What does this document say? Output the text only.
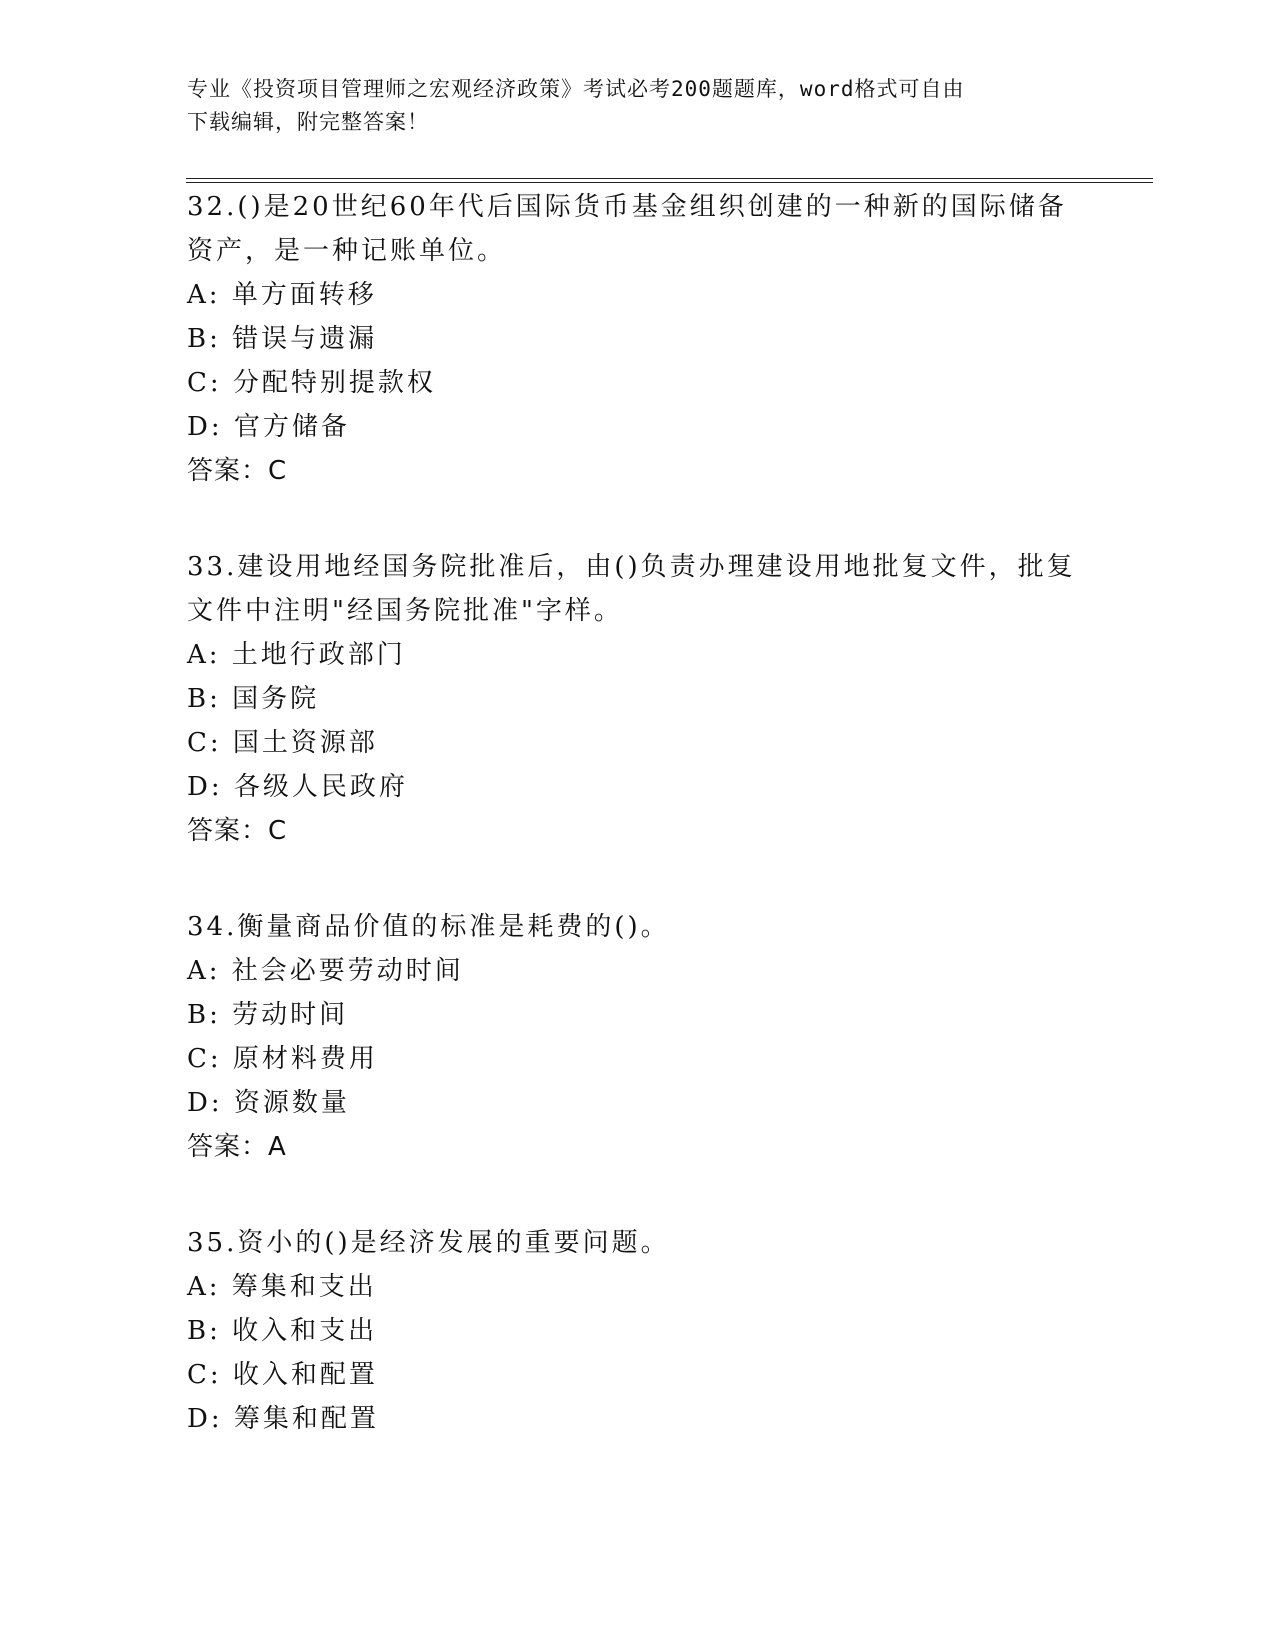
专业《投资项目管理师之宏观经济政策》考试必考200题题库，word格式可自由
下载编辑，附完整答案！
32.()是20世纪60年代后国际货币基金组织创建的一种新的国际储备
资产，是一种记账单位。
A: 单方面转移
B: 错误与遗漏
C: 分配特别提款权
D: 官方储备
答案：C
33.建设用地经国务院批准后，由()负责办理建设用地批复文件，批复
文件中注明"经国务院批准"字样。
A: 土地行政部门
B: 国务院
C: 国土资源部
D: 各级人民政府
答案：C
34.衡量商品价值的标准是耗费的()。
A: 社会必要劳动时间
B: 劳动时间
C: 原材料费用
D: 资源数量
答案：A
35.资小的()是经济发展的重要问题。
A: 筹集和支出
B: 收入和支出
C: 收入和配置
D: 筹集和配置
